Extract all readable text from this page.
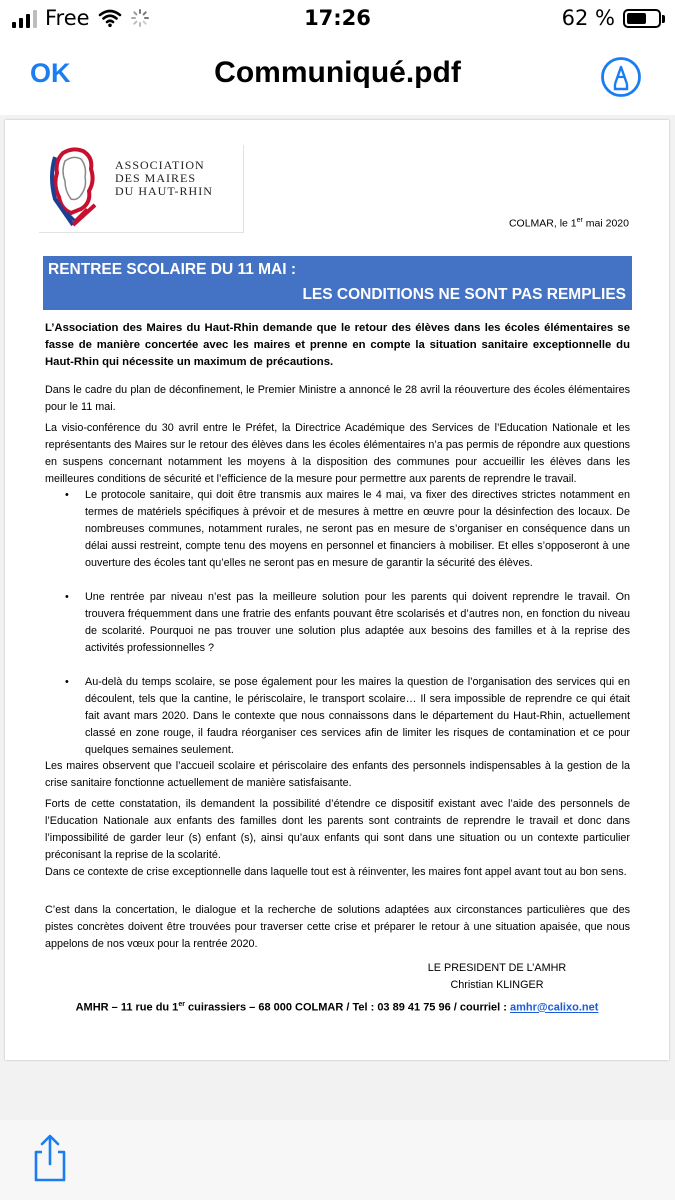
Free	17:26	62 %
OK	Communiqué.pdf
ASSOCIATION
DES MAIRES
DU HAUT-RHIN
COLMAR, le 1er mai 2020
RENTREE SCOLAIRE DU 11 MAI :
LES CONDITIONS NE SONT PAS REMPLIES

L’Association des Maires du Haut-Rhin demande que le retour des élèves dans les écoles élémentaires se fasse de manière concertée avec les maires et prenne en compte la situation sanitaire exceptionnelle du Haut-Rhin qui nécessite un maximum de précautions.

Dans le cadre du plan de déconfinement, le Premier Ministre a annoncé le 28 avril la réouverture des écoles élémentaires pour le 11 mai.

La visio-conférence du 30 avril entre le Préfet, la Directrice Académique des Services de l’Education Nationale et les représentants des Maires sur le retour des élèves dans les écoles élémentaires n’a pas permis de répondre aux questions en suspens concernant notamment les moyens à la disposition des communes pour accueillir les élèves dans les meilleures conditions de sécurité et l’efficience de la mesure pour permettre aux parents de reprendre le travail.

• Le protocole sanitaire, qui doit être transmis aux maires le 4 mai, va fixer des directives strictes notamment en termes de matériels spécifiques à prévoir et de mesures à mettre en œuvre pour la désinfection des locaux. De nombreuses communes, notamment rurales, ne seront pas en mesure de s’organiser en conséquence dans un délai aussi restreint, compte tenu des moyens en personnel et financiers à mobiliser. Et elles s’opposeront à une ouverture des écoles tant qu’elles ne seront pas en mesure de garantir la sécurité des élèves.
• Une rentrée par niveau n’est pas la meilleure solution pour les parents qui doivent reprendre le travail. On trouvera fréquemment dans une fratrie des enfants pouvant être scolarisés et d’autres non, en fonction du niveau de scolarité. Pourquoi ne pas trouver une solution plus adaptée aux besoins des familles et à la reprise des activités professionnelles ?
• Au-delà du temps scolaire, se pose également pour les maires la question de l’organisation des services qui en découlent, tels que la cantine, le périscolaire, le transport scolaire… Il sera impossible de reprendre ce qui était fait avant mars 2020. Dans le contexte que nous connaissons dans le département du Haut-Rhin, actuellement classé en zone rouge, il faudra réorganiser ces services afin de limiter les risques de contamination et ce pour quelques semaines seulement.

Les maires observent que l’accueil scolaire et périscolaire des enfants des personnels indispensables à la gestion de la crise sanitaire fonctionne actuellement de manière satisfaisante.

Forts de cette constatation, ils demandent la possibilité d’étendre ce dispositif existant avec l’aide des personnels de l’Education Nationale aux enfants des familles dont les parents sont contraints de reprendre le travail et donc dans l’impossibilité de garder leur (s) enfant (s), ainsi qu’aux enfants qui sont dans une situation ou un contexte particulier préconisant la reprise de la scolarité.

Dans ce contexte de crise exceptionnelle dans laquelle tout est à réinventer, les maires font appel avant tout au bon sens.

C’est dans la concertation, le dialogue et la recherche de solutions adaptées aux circonstances particulières que des pistes concrètes doivent être trouvées pour traverser cette crise et préparer le retour à une situation apaisée, que nous appelons de nos vœux pour la rentrée 2020.

LE PRESIDENT DE L’AMHR
Christian KLINGER
AMHR – 11 rue du 1er cuirassiers – 68 000 COLMAR / Tel : 03 89 41 75 96 / courriel : amhr@calixo.net
